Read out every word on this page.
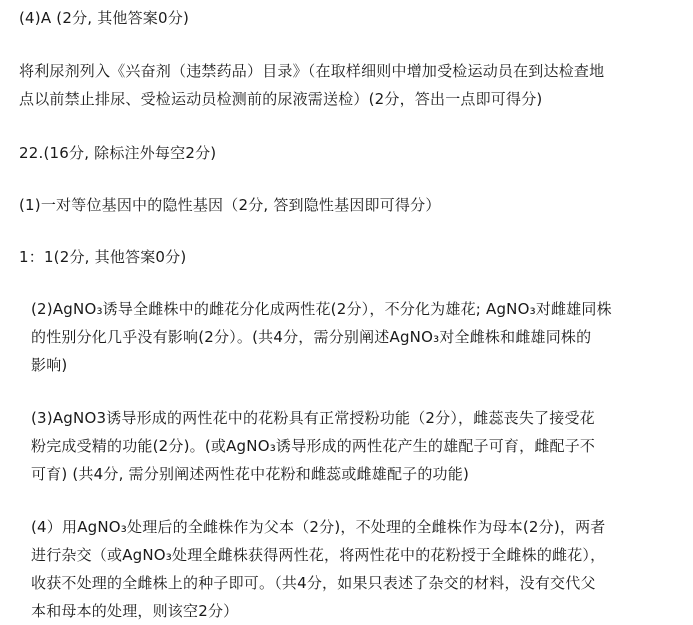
(4)A (2分, 其他答案0分)
将利尿剂列入《兴奋剂（违禁药品）目录》（在取样细则中增加受检运动员在到达检查地
点以前禁止排尿、受检运动员检测前的尿液需送检）(2分，答出一点即可得分)
22.(16分, 除标注外每空2分)
(1)一对等位基因中的隐性基因（2分, 答到隐性基因即可得分）
1：1(2分, 其他答案0分)
(2)AgNO₃诱导全雌株中的雌花分化成两性花(2分），不分化为雄花; AgNO₃对雌雄同株
的性别分化几乎没有影响(2分）。(共4分，需分别阐述AgNO₃对全雌株和雌雄同株的
影响)
(3)AgNO3诱导形成的两性花中的花粉具有正常授粉功能（2分），雌蕊丧失了接受花
粉完成受精的功能(2分)。(或AgNO₃诱导形成的两性花产生的雄配子可育，雌配子不
可育) (共4分, 需分别阐述两性花中花粉和雌蕊或雌雄配子的功能)
(4）用AgNO₃处理后的全雌株作为父本（2分)，不处理的全雌株作为母本(2分)，两者
进行杂交（或AgNO₃处理全雌株获得两性花，将两性花中的花粉授于全雌株的雌花），
收获不处理的全雌株上的种子即可。（共4分，如果只表述了杂交的材料，没有交代父
本和母本的处理，则该空2分）
